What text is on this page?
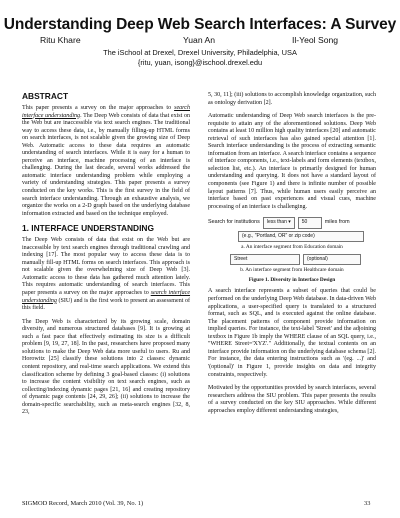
Understanding Deep Web Search Interfaces: A Survey
Ritu Khare	Yuan An	Il-Yeol Song
The iSchool at Drexel, Drexel University, Philadelphia, USA
{ritu, yuan, isong}@ischool.drexel.edu
ABSTRACT

This paper presents a survey on the major approaches to search interface understanding. The Deep Web consists of data that exist on the Web but are inaccessible via text search engines. The traditional way to access these data, i.e., by manually filling-up HTML forms on search interfaces, is not scalable given the growing size of Deep Web. Automatic access to these data requires an automatic understanding of search interfaces. While it is easy for a human to perceive an interface, machine processing of an interface is challenging. During the last decade, several works addressed the automatic interface understanding problem while employing a variety of understanding strategies. This paper presents a survey conducted on the key works. This is the first survey in the field of search interface understanding. Through an exhaustive analysis, we organize the works on a 2-D graph based on the underlying database information extracted and based on the technique employed.

1. INTERFACE UNDERSTANDING

The Deep Web consists of data that exist on the Web but are inaccessible by text search engines through traditional crawling and indexing [17]. The most popular way to access these data is to manually fill-up HTML forms on search interfaces. This approach is not scalable given the overwhelming size of Deep Web [3]. Automatic access to these data has gathered much attention lately. This requires automatic understanding of search interfaces. This paper presents a survey on the major approaches to search interface understanding (SIU) and is the first work to present an assessment of this field.

The Deep Web is characterized by its growing scale, domain diversity, and numerous structured databases [9]. It is growing at such a fast pace that effectively estimating its size is a difficult problem [9, 19, 27, 18]. In the past, researchers have proposed many solutions to make the Deep Web data more useful to users. Ru and Horowitz [25] classify these solutions into 2 classes: dynamic content repository, and real-time search applications. We extend this classification scheme by defining 3 goal-based classes: (i) solutions to increase the content visibility on text search engines, such as collecting/indexing dynamic pages [21, 16] and creating repository of dynamic page contents [24, 29, 26]; (ii) solutions to increase the domain-specific searchability, such as meta-search engines [32, 8, 23,

5, 30, 11]; (iii) solutions to accomplish knowledge organization, such as ontology derivation [2].

Automatic understanding of Deep Web search interfaces is the pre-requisite to attain any of the aforementioned solutions. Deep Web contains at least 10 million high quality interfaces [20] and automatic retrieval of such interfaces has also gained special attention [1]. Search interface understanding is the process of extracting semantic information from an interface. A search interface contains a sequence of interface components, i.e., text-labels and form elements (textbox, selection list, etc.). An interface is primarily designed for human understanding and querying. It does not have a standard layout of components (see Figure 1) and there is infinite number of possible layout patterns [7]. Thus, while human users easily perceive an interface based on past experiences and visual cues, machine processing of an interface is challenging.

Search for institutions	less than ▾	50	miles from
(e.g., "Portland, OR" or zip code)
a. An interface segment from Education domain
Street	(optional)
b. An interface segment from Healthcare domain
Figure 1. Diversity in Interface Design

A search interface represents a subset of queries that could be performed on the underlying Deep Web database. In data-driven Web applications, a user-specified query is translated to a structured format, such as SQL, and is executed against the online database. The placement patterns of component provide information on implied queries. For instance, the text-label 'Street' and the adjoining textbox in Figure 1b imply the WHERE clause of an SQL query, i.e., "WHERE Street='XYZ'." Additionally, the textual contents on an interface provide information on the underlying database schema [2]. For instance, the data entering instructions such as '(eg. ...)' and '(optional)' in Figure 1, provide insights on data and integrity constraints, respectively.

Motivated by the opportunities provided by search interfaces, several researchers address the SIU problem. This paper presents the results of a survey conducted on the key SIU approaches. While different approaches employ different understanding strategies,

SIGMOD Record, March 2010 (Vol. 39, No. 1)	33
